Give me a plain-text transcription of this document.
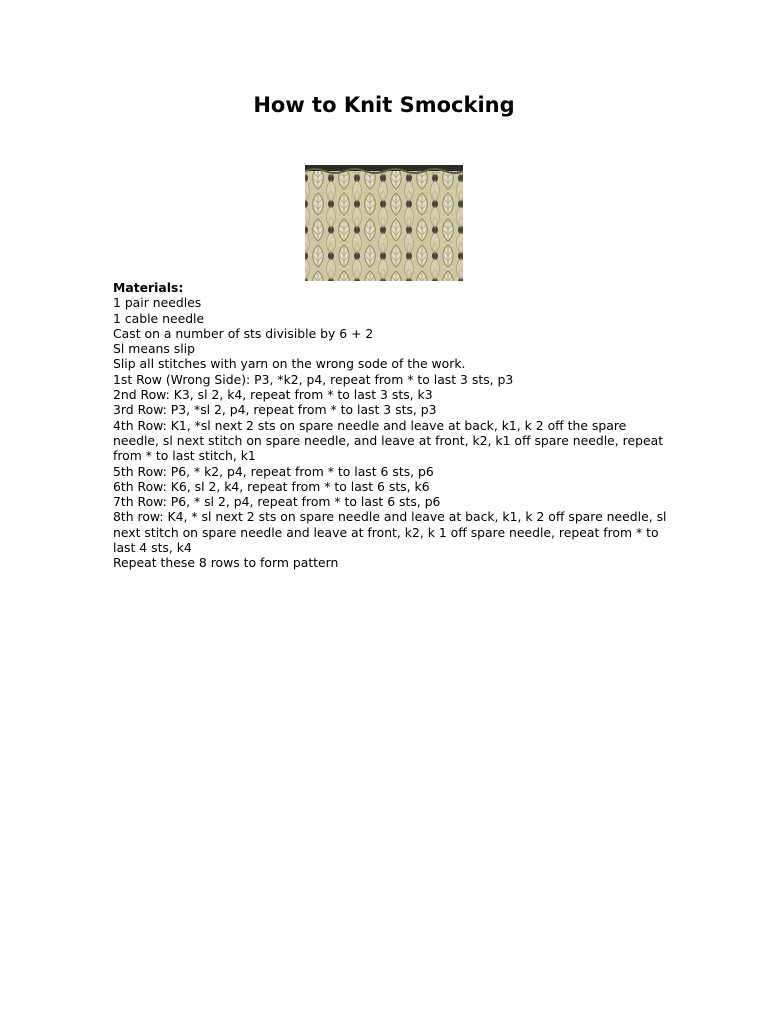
How to Knit Smocking
Materials:
1 pair needles
1 cable needle
Cast on a number of sts divisible by 6 + 2
Sl means slip
Slip all stitches with yarn on the wrong sode of the work.
1st Row (Wrong Side): P3, *k2, p4, repeat from * to last 3 sts, p3
2nd Row: K3, sl 2, k4, repeat from * to last 3 sts, k3
3rd Row: P3, *sl 2, p4, repeat from * to last 3 sts, p3
4th Row: K1, *sl next 2 sts on spare needle and leave at back, k1, k 2 off the spare needle, sl next stitch on spare needle, and leave at front, k2, k1 off spare needle, repeat from * to last stitch, k1
5th Row: P6, * k2, p4, repeat from * to last 6 sts, p6
6th Row: K6, sl 2, k4, repeat from * to last 6 sts, k6
7th Row: P6, * sl 2, p4, repeat from * to last 6 sts, p6
8th row: K4, * sl next 2 sts on spare needle and leave at back, k1, k 2 off spare needle, sl next stitch on spare needle and leave at front, k2, k 1 off spare needle, repeat from * to last 4 sts, k4
Repeat these 8 rows to form pattern
